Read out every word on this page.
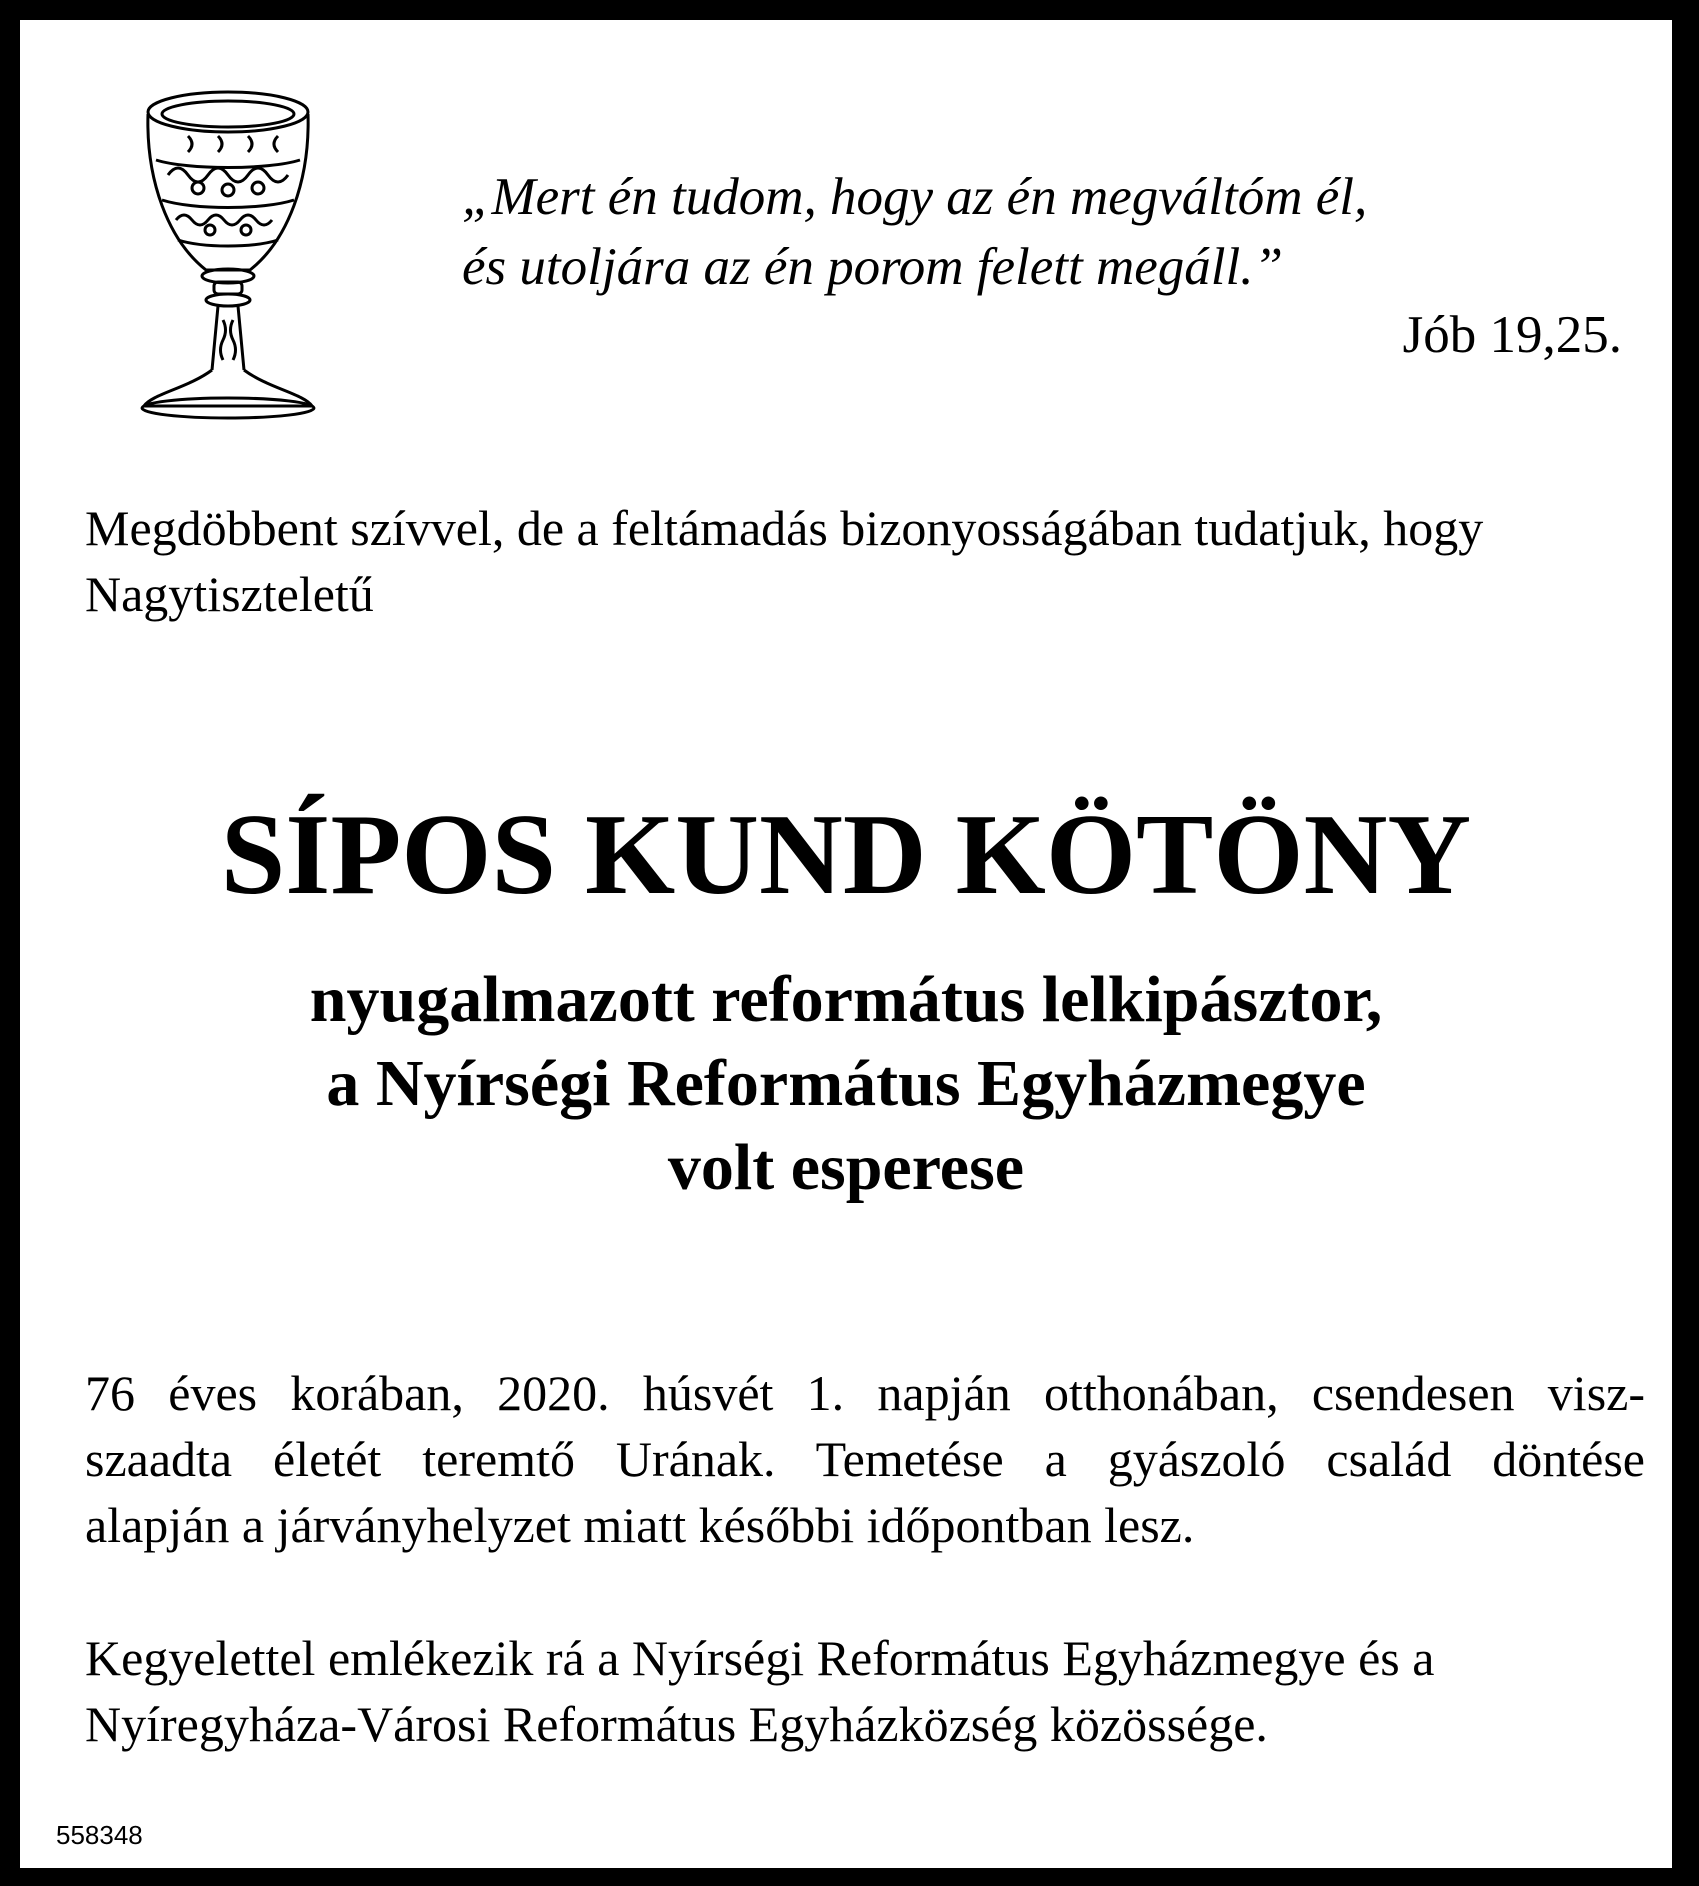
„Mert én tudom, hogy az én megváltóm él,
és utoljára az én porom felett megáll.”
Jób 19,25.
Megdöbbent szívvel, de a feltámadás bizonyosságában tudatjuk, hogy
Nagytiszteletű
SÍPOS KUND KÖTÖNY
nyugalmazott református lelkipásztor,
a Nyírségi Református Egyházmegye
volt esperese
76 éves korában, 2020. húsvét 1. napján otthonában, csendesen visz-
szaadta életét teremtő Urának. Temetése a gyászoló család döntése
alapján a járványhelyzet miatt későbbi időpontban lesz.
Kegyelettel emlékezik rá a Nyírségi Református Egyházmegye és a
Nyíregyháza-Városi Református Egyházközség közössége.
558348
